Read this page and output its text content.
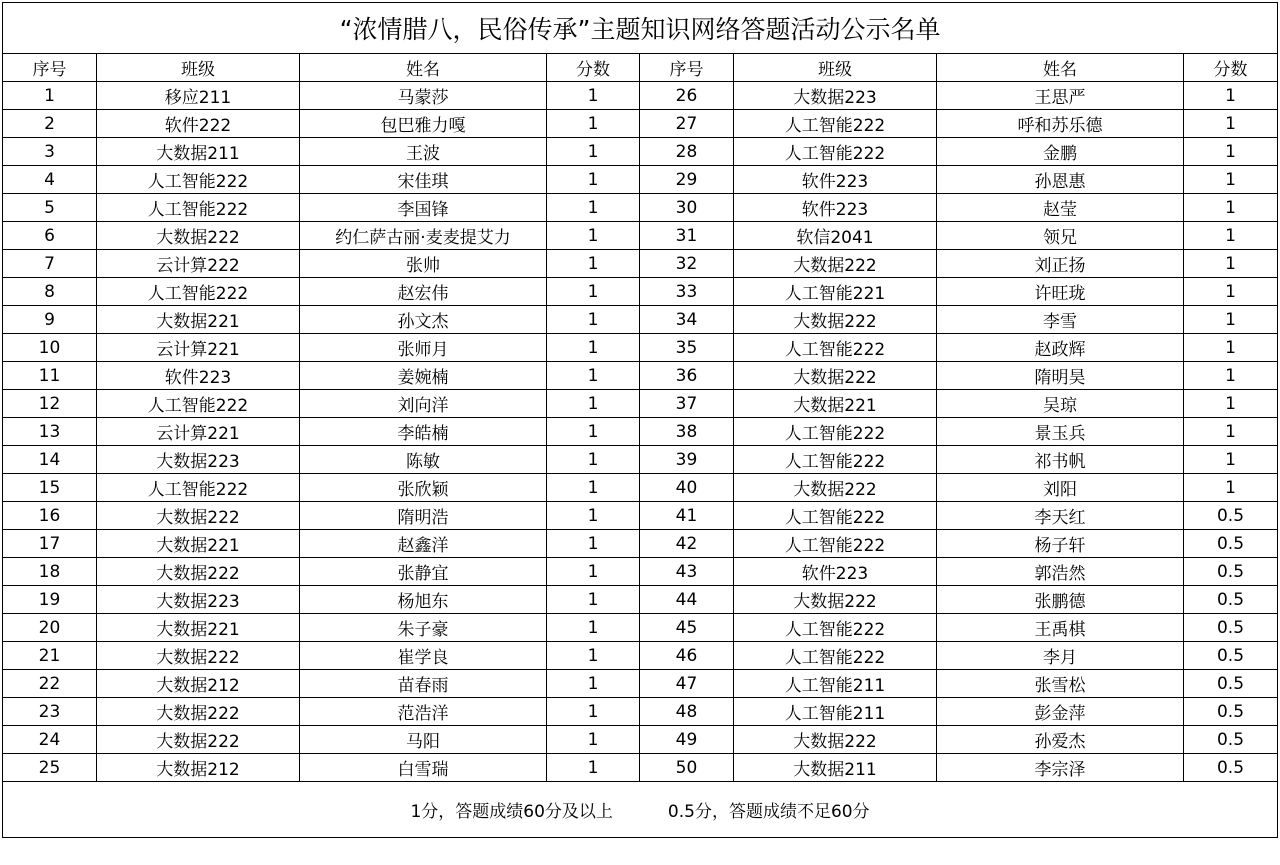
“浓情腊八，民俗传承”主题知识网络答题活动公示名单							
序号	班级	姓名	分数	序号	班级	姓名	分数
1	移应211	马蒙莎	1	26	大数据223	王思严	1
2	软件222	包巴雅力嘎	1	27	人工智能222	呼和苏乐德	1
3	大数据211	王波	1	28	人工智能222	金鹏	1
4	人工智能222	宋佳琪	1	29	软件223	孙恩惠	1
5	人工智能222	李国锋	1	30	软件223	赵莹	1
6	大数据222	约仁萨古丽·麦麦提艾力	1	31	软信2041	领兄	1
7	云计算222	张帅	1	32	大数据222	刘正扬	1
8	人工智能222	赵宏伟	1	33	人工智能221	许旺珑	1
9	大数据221	孙文杰	1	34	大数据222	李雪	1
10	云计算221	张师月	1	35	人工智能222	赵政辉	1
11	软件223	姜婉楠	1	36	大数据222	隋明昊	1
12	人工智能222	刘向洋	1	37	大数据221	吴琼	1
13	云计算221	李皓楠	1	38	人工智能222	景玉兵	1
14	大数据223	陈敏	1	39	人工智能222	祁书帆	1
15	人工智能222	张欣颖	1	40	大数据222	刘阳	1
16	大数据222	隋明浩	1	41	人工智能222	李天红	0.5
17	大数据221	赵鑫洋	1	42	人工智能222	杨子轩	0.5
18	大数据222	张静宜	1	43	软件223	郭浩然	0.5
19	大数据223	杨旭东	1	44	大数据222	张鹏德	0.5
20	大数据221	朱子豪	1	45	人工智能222	王禹棋	0.5
21	大数据222	崔学良	1	46	人工智能222	李月	0.5
22	大数据212	苗春雨	1	47	人工智能211	张雪松	0.5
23	大数据222	范浩洋	1	48	人工智能211	彭金萍	0.5
24	大数据222	马阳	1	49	大数据222	孙爱杰	0.5
25	大数据212	白雪瑞	1	50	大数据211	李宗泽	0.5
1分，答题成绩60分及以上 0.5分，答题成绩不足60分							
